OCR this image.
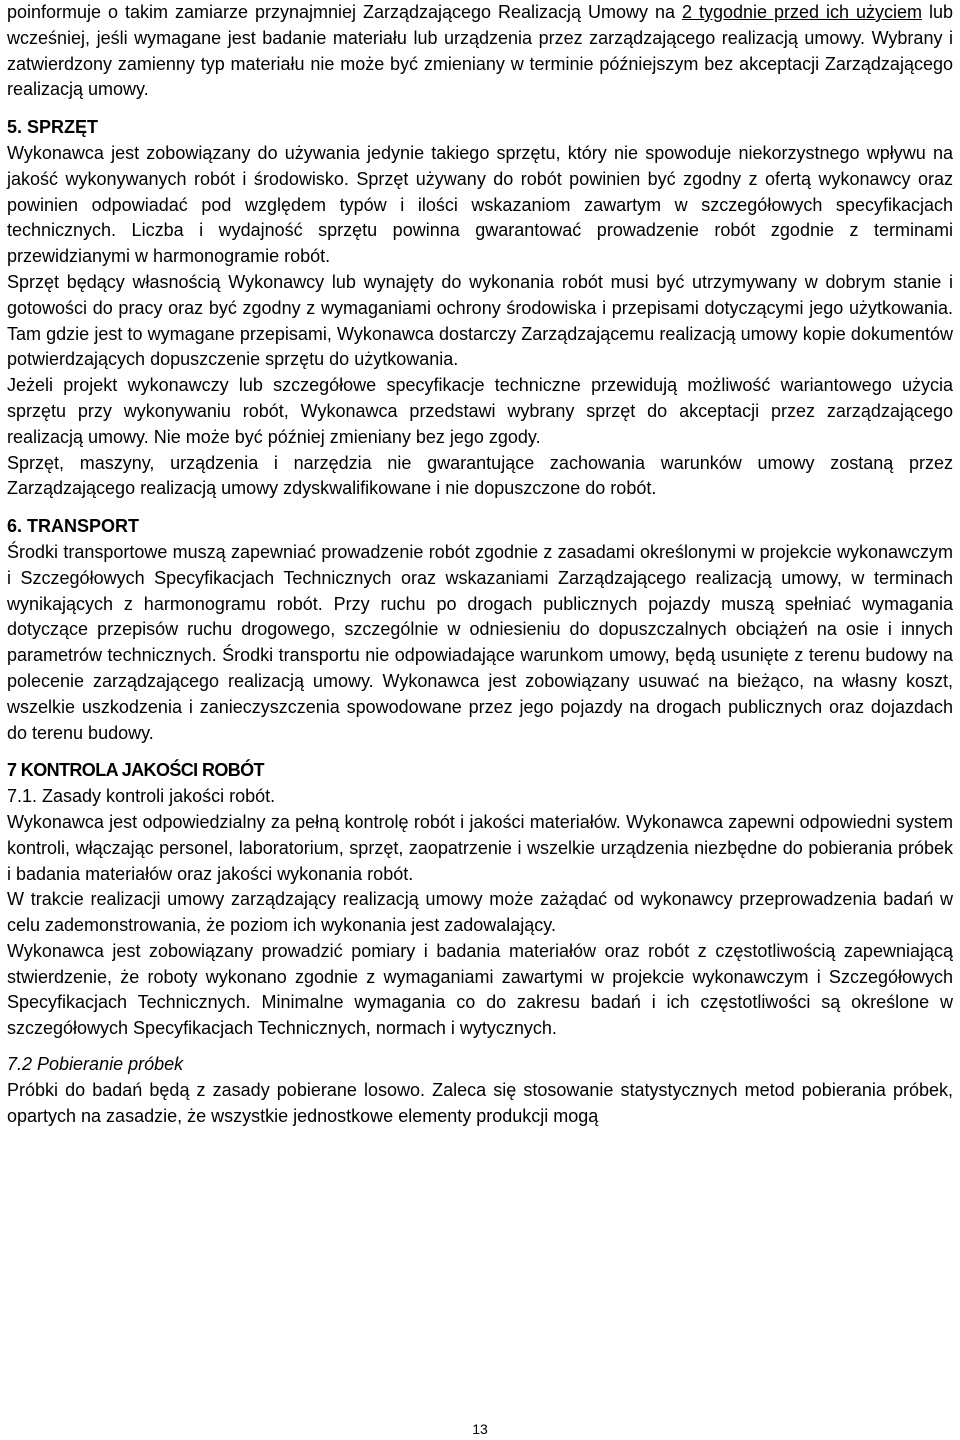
poinformuje o takim zamiarze przynajmniej Zarządzającego Realizacją Umowy na 2 tygodnie przed ich użyciem lub wcześniej, jeśli wymagane jest badanie materiału lub urządzenia przez zarządzającego realizacją umowy. Wybrany i zatwierdzony zamienny typ materiału nie może być zmieniany w terminie późniejszym bez akceptacji Zarządzającego realizacją umowy.

5. SPRZĘT

Wykonawca jest zobowiązany do używania jedynie takiego sprzętu, który nie spowoduje niekorzystnego wpływu na jakość wykonywanych robót i środowisko. Sprzęt używany do robót powinien być zgodny z ofertą wykonawcy oraz powinien odpowiadać pod względem typów i ilości wskazaniom zawartym w szczegółowych specyfikacjach technicznych. Liczba i wydajność sprzętu powinna gwarantować prowadzenie robót zgodnie z terminami przewidzianymi w harmonogramie robót.

Sprzęt będący własnością Wykonawcy lub wynajęty do wykonania robót musi być utrzymywany w dobrym stanie i gotowości do pracy oraz być zgodny z wymaganiami ochrony środowiska i przepisami dotyczącymi jego użytkowania. Tam gdzie jest to wymagane przepisami, Wykonawca dostarczy Zarządzającemu realizacją umowy kopie dokumentów potwierdzających dopuszczenie sprzętu do użytkowania.

Jeżeli projekt wykonawczy lub szczegółowe specyfikacje techniczne przewidują możliwość wariantowego użycia sprzętu przy wykonywaniu robót, Wykonawca przedstawi wybrany sprzęt do akceptacji przez zarządzającego realizacją umowy. Nie może być później zmieniany bez jego zgody.

Sprzęt, maszyny, urządzenia i narzędzia nie gwarantujące zachowania warunków umowy zostaną przez Zarządzającego realizacją umowy zdyskwalifikowane i nie dopuszczone do robót.

6. TRANSPORT

Środki transportowe muszą zapewniać prowadzenie robót zgodnie z zasadami określonymi w projekcie wykonawczym i Szczegółowych Specyfikacjach Technicznych oraz wskazaniami Zarządzającego realizacją umowy, w terminach wynikających z harmonogramu robót. Przy ruchu po drogach publicznych pojazdy muszą spełniać wymagania dotyczące przepisów ruchu drogowego, szczególnie w odniesieniu do dopuszczalnych obciążeń na osie i innych parametrów technicznych. Środki transportu nie odpowiadające warunkom umowy, będą usunięte z terenu budowy na polecenie zarządzającego realizacją umowy. Wykonawca jest zobowiązany usuwać na bieżąco, na własny koszt, wszelkie uszkodzenia i zanieczyszczenia spowodowane przez jego pojazdy na drogach publicznych oraz dojazdach do terenu budowy.

7 KONTROLA JAKOŚCI ROBÓT

7.1. Zasady kontroli jakości robót.

Wykonawca jest odpowiedzialny za pełną kontrolę robót i jakości materiałów. Wykonawca zapewni odpowiedni system kontroli, włączając personel, laboratorium, sprzęt, zaopatrzenie i wszelkie urządzenia niezbędne do pobierania próbek i badania materiałów oraz jakości wykonania robót.

W trakcie realizacji umowy zarządzający realizacją umowy może zażądać od wykonawcy przeprowadzenia badań w celu zademonstrowania, że poziom ich wykonania jest zadowalający.

Wykonawca jest zobowiązany prowadzić pomiary i badania materiałów oraz robót z częstotliwością zapewniającą stwierdzenie, że roboty wykonano zgodnie z wymaganiami zawartymi w projekcie wykonawczym i Szczegółowych Specyfikacjach Technicznych. Minimalne wymagania co do zakresu badań i ich częstotliwości są określone w szczegółowych Specyfikacjach Technicznych, normach i wytycznych.

7.2 Pobieranie próbek

Próbki do badań będą z zasady pobierane losowo. Zaleca się stosowanie statystycznych metod pobierania próbek, opartych na zasadzie, że wszystkie jednostkowe elementy produkcji mogą

13
